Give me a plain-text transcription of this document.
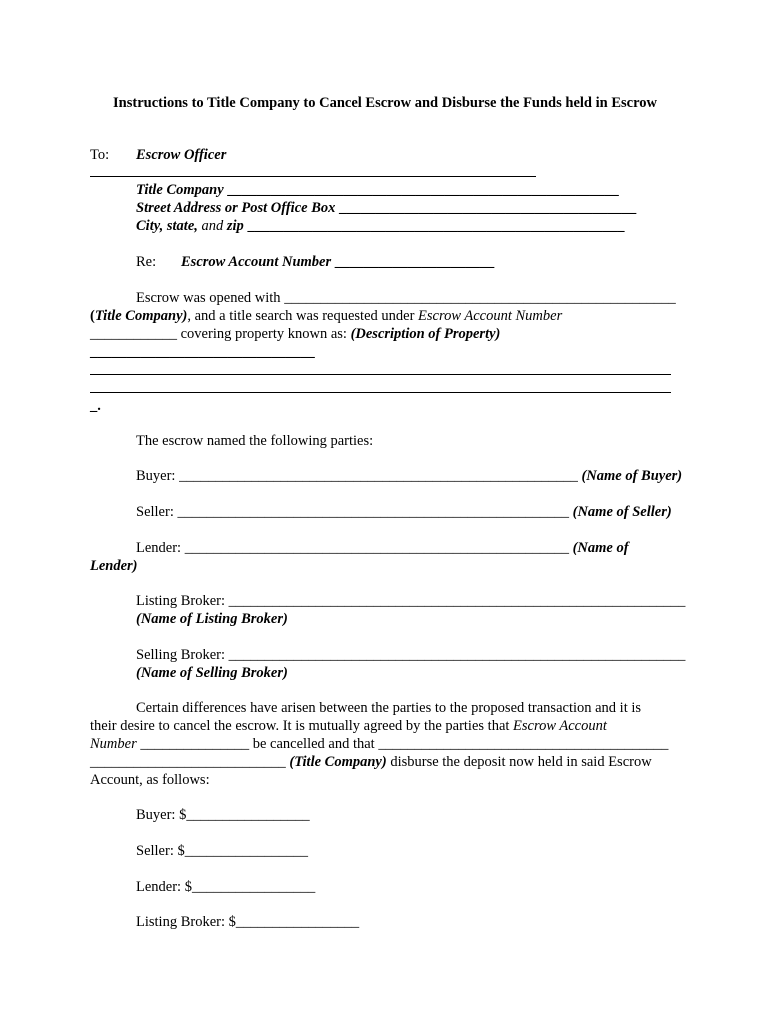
Instructions to Title Company to Cancel Escrow and Disburse the Funds held in Escrow
To: Escrow Officer
Title Company ______________________________________________________
Street Address or Post Office Box _________________________________________
City, state, and zip ____________________________________________________
Re: Escrow Account Number ______________________
Escrow was opened with ______________________________________________________
(Title Company), and a title search was requested under Escrow Account Number
____________ covering property known as: (Description of Property)
_______________________________
_.
The escrow named the following parties:
Buyer: _______________________________________________________ (Name of Buyer)
Seller: ______________________________________________________ (Name of Seller)
Lender: _____________________________________________________ (Name of
Lender)
Listing Broker: _______________________________________________________________
(Name of Listing Broker)
Selling Broker: _______________________________________________________________
(Name of Selling Broker)
Certain differences have arisen between the parties to the proposed transaction and it is
their desire to cancel the escrow. It is mutually agreed by the parties that Escrow Account
Number _______________ be cancelled and that ________________________________________
___________________________ (Title Company) disburse the deposit now held in said Escrow
Account, as follows:
Buyer: $_________________
Seller: $_________________
Lender: $_________________
Listing Broker: $_________________
